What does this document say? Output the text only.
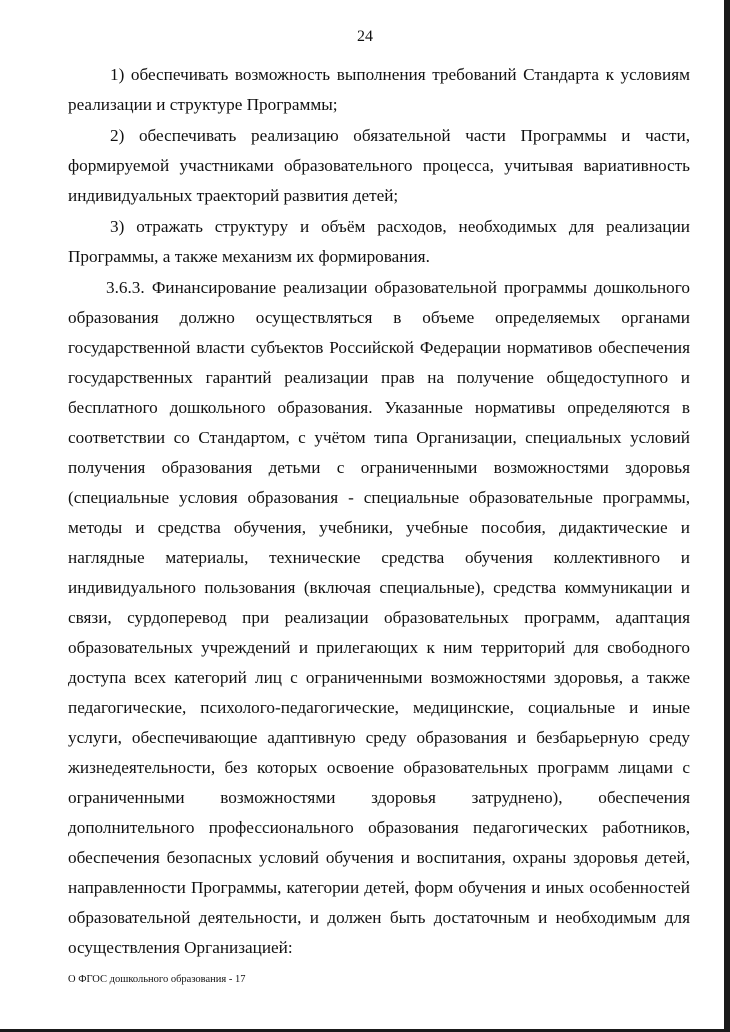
24

1) обеспечивать возможность выполнения требований Стандарта к условиям реализации и структуре Программы;

2) обеспечивать реализацию обязательной части Программы и части, формируемой участниками образовательного процесса, учитывая вариативность индивидуальных траекторий развития детей;

3) отражать структуру и объём расходов, необходимых для реализации Программы, а также механизм их формирования.

3.6.3. Финансирование реализации образовательной программы дошкольного образования должно осуществляться в объеме определяемых органами государственной власти субъектов Российской Федерации нормативов обеспечения государственных гарантий реализации прав на получение общедоступного и бесплатного дошкольного образования. Указанные нормативы определяются в соответствии со Стандартом, с учётом типа Организации, специальных условий получения образования детьми с ограниченными возможностями здоровья (специальные условия образования - специальные образовательные программы, методы и средства обучения, учебники, учебные пособия, дидактические и наглядные материалы, технические средства обучения коллективного и индивидуального пользования (включая специальные), средства коммуникации и связи, сурдоперевод при реализации образовательных программ, адаптация образовательных учреждений и прилегающих к ним территорий для свободного доступа всех категорий лиц с ограниченными возможностями здоровья, а также педагогические, психолого-педагогические, медицинские, социальные и иные услуги, обеспечивающие адаптивную среду образования и безбарьерную среду жизнедеятельности, без которых освоение образовательных программ лицами с ограниченными возможностями здоровья затруднено), обеспечения дополнительного профессионального образования педагогических работников, обеспечения безопасных условий обучения и воспитания, охраны здоровья детей, направленности Программы, категории детей, форм обучения и иных особенностей образовательной деятельности, и должен быть достаточным и необходимым для осуществления Организацией:

О ФГОС дошкольного образования - 17
